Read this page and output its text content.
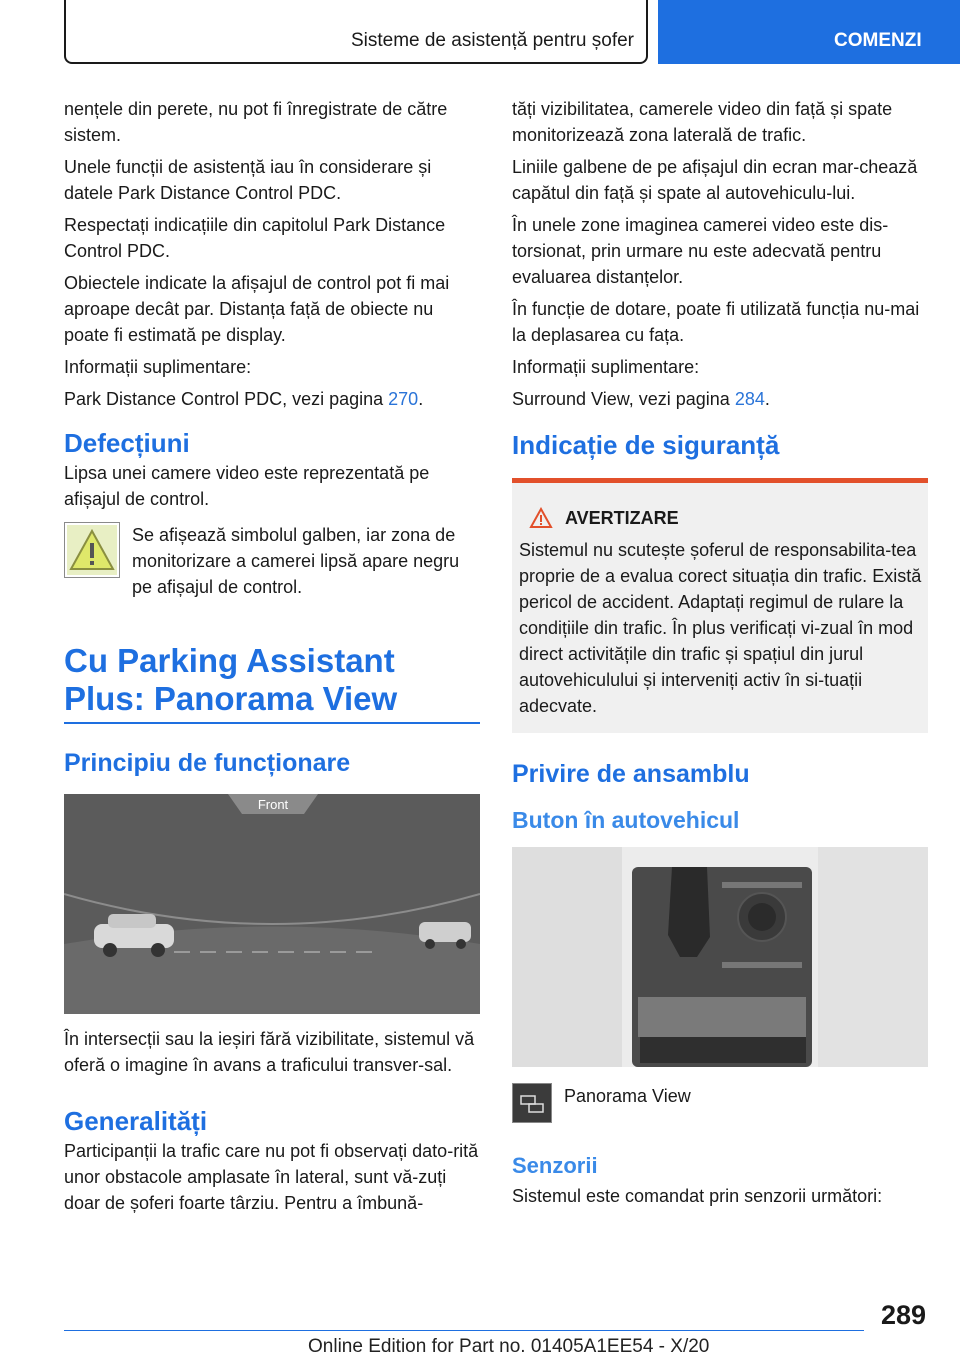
Sisteme de asistență pentru șofer	COMENZI

nențele din perete, nu pot fi înregistrate de către sistem.

Unele funcții de asistență iau în considerare și datele Park Distance Control PDC.

Respectați indicațiile din capitolul Park Distance Control PDC.

Obiectele indicate la afișajul de control pot fi mai aproape decât par. Distanța față de obiecte nu poate fi estimată pe display.

Informații suplimentare:

Park Distance Control PDC, vezi pagina 270.

Defecțiuni

Lipsa unei camere video este reprezentată pe afișajul de control.

Se afișează simbolul galben, iar zona de monitorizare a camerei lipsă apare negru pe afișajul de control.

Cu Parking Assistant Plus: Panorama View
Principiu de funcționare
Front

În intersecții sau la ieșiri fără vizibilitate, sistemul vă oferă o imagine în avans a traficului transver-sal.

Generalități

Participanții la trafic care nu pot fi observați dato-rită unor obstacole amplasate în lateral, sunt vă-zuți doar de șoferi foarte târziu. Pentru a îmbună-

tăți vizibilitatea, camerele video din față și spate monitorizează zona laterală de trafic.

Liniile galbene de pe afișajul din ecran mar-chează capătul din față și spate al autovehiculu-lui.

În unele zone imaginea camerei video este dis-torsionat, prin urmare nu este adecvată pentru evaluarea distanțelor.

În funcție de dotare, poate fi utilizată funcția nu-mai la deplasarea cu fața.

Informații suplimentare:

Surround View, vezi pagina 284.

Indicație de siguranță
AVERTIZARE
Sistemul nu scutește șoferul de responsabilita-tea proprie de a evalua corect situația din trafic. Există pericol de accident. Adaptați regimul de rulare la condițiile din trafic. În plus verificați vi-zual în mod direct activitățile din trafic și spațiul din jurul autovehiculului și interveniți activ în si-tuații adecvate.
Privire de ansamblu
Buton în autovehicul

Panorama View

Senzorii

Sistemul este comandat prin senzorii următori:

289
Online Edition for Part no. 01405A1EE54 - X/20
